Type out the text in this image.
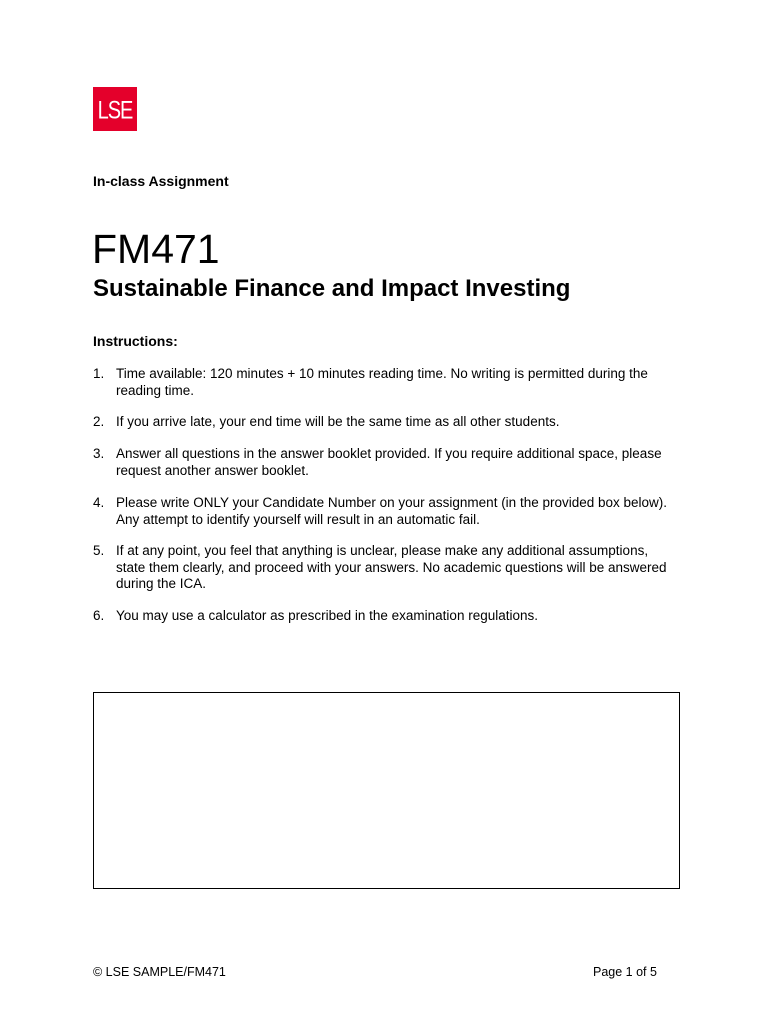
LSE
In-class Assignment
FM471
Sustainable Finance and Impact Investing
Instructions:
1. Time available: 120 minutes + 10 minutes reading time. No writing is permitted during the reading time.
2. If you arrive late, your end time will be the same time as all other students.
3. Answer all questions in the answer booklet provided. If you require additional space, please request another answer booklet.
4. Please write ONLY your Candidate Number on your assignment (in the provided box below). Any attempt to identify yourself will result in an automatic fail.
5. If at any point, you feel that anything is unclear, please make any additional assumptions, state them clearly, and proceed with your answers. No academic questions will be answered during the ICA.
6. You may use a calculator as prescribed in the examination regulations.
© LSE SAMPLE/FM471	Page 1 of 5
